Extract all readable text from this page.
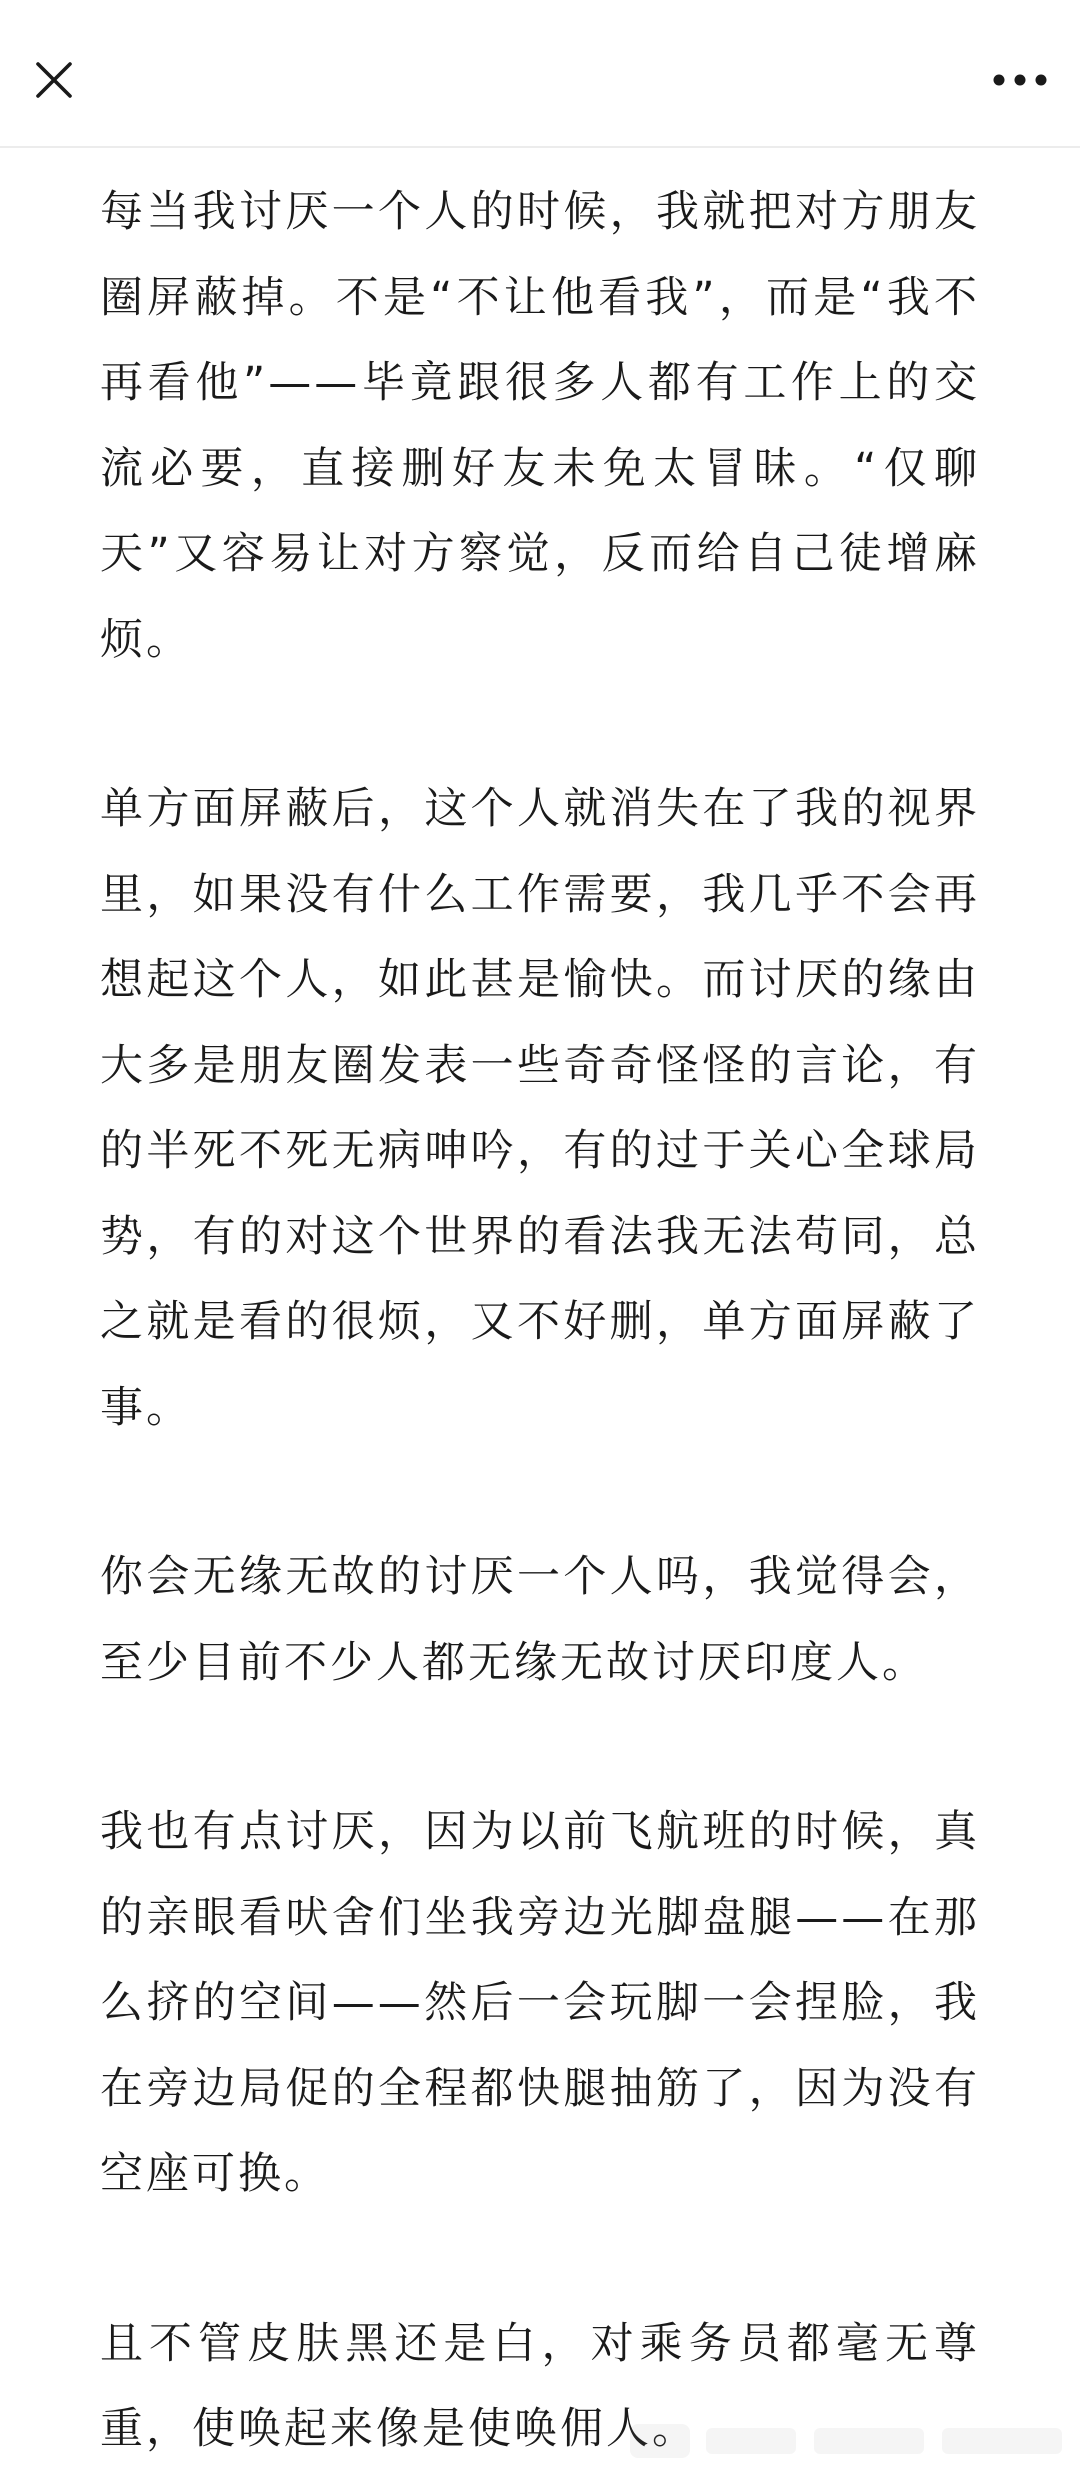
每当我讨厌一个人的时候，我就把对方朋友圈屏蔽掉。不是“不让他看我”，而是“我不再看他”——毕竟跟很多人都有工作上的交流必要，直接删好友未免太冒昧。“仅聊天”又容易让对方察觉，反而给自己徒增麻烦。

单方面屏蔽后，这个人就消失在了我的视界里，如果没有什么工作需要，我几乎不会再想起这个人，如此甚是愉快。而讨厌的缘由大多是朋友圈发表一些奇奇怪怪的言论，有的半死不死无病呻吟，有的过于关心全球局势，有的对这个世界的看法我无法苟同，总之就是看的很烦，又不好删，单方面屏蔽了事。

你会无缘无故的讨厌一个人吗，我觉得会，至少目前不少人都无缘无故讨厌印度人。

我也有点讨厌，因为以前飞航班的时候，真的亲眼看吠舍们坐我旁边光脚盘腿——在那么挤的空间——然后一会玩脚一会捏脸，我在旁边局促的全程都快腿抽筋了，因为没有空座可换。

且不管皮肤黑还是白，对乘务员都毫无尊重，使唤起来像是使唤佣人。
